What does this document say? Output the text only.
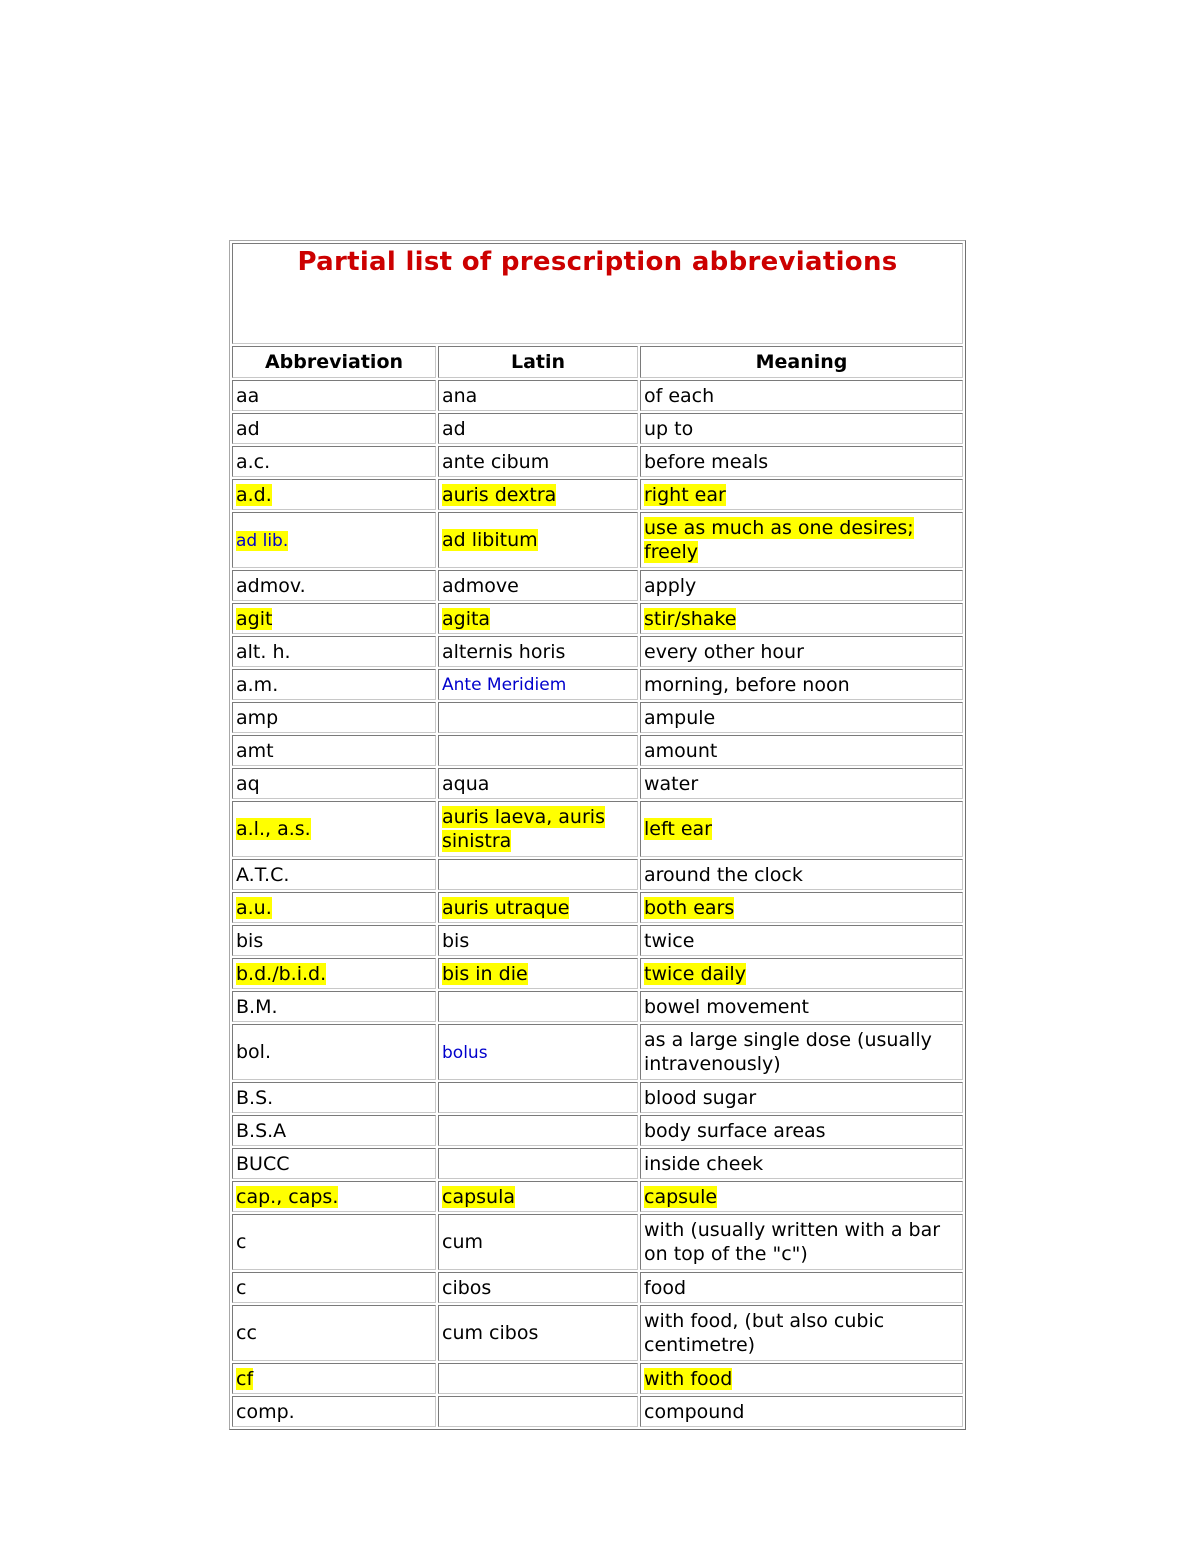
Partial list of prescription abbreviations		
Abbreviation	Latin	Meaning
aa	ana	of each
ad	ad	up to
a.c.	ante cibum	before meals
a.d.	auris dextra	right ear
ad lib.	ad libitum	use as much as one desires; freely
admov.	admove	apply
agit	agita	stir/shake
alt. h.	alternis horis	every other hour
a.m.	Ante Meridiem	morning, before noon
amp		ampule
amt		amount
aq	aqua	water
a.l., a.s.	auris laeva, auris sinistra	left ear
A.T.C.		around the clock
a.u.	auris utraque	both ears
bis	bis	twice
b.d./b.i.d.	bis in die	twice daily
B.M.		bowel movement
bol.	bolus	as a large single dose (usually intravenously)
B.S.		blood sugar
B.S.A		body surface areas
BUCC		inside cheek
cap., caps.	capsula	capsule
c	cum	with (usually written with a bar on top of the "c")
c	cibos	food
cc	cum cibos	with food, (but also cubic centimetre)
cf		with food
comp.		compound
